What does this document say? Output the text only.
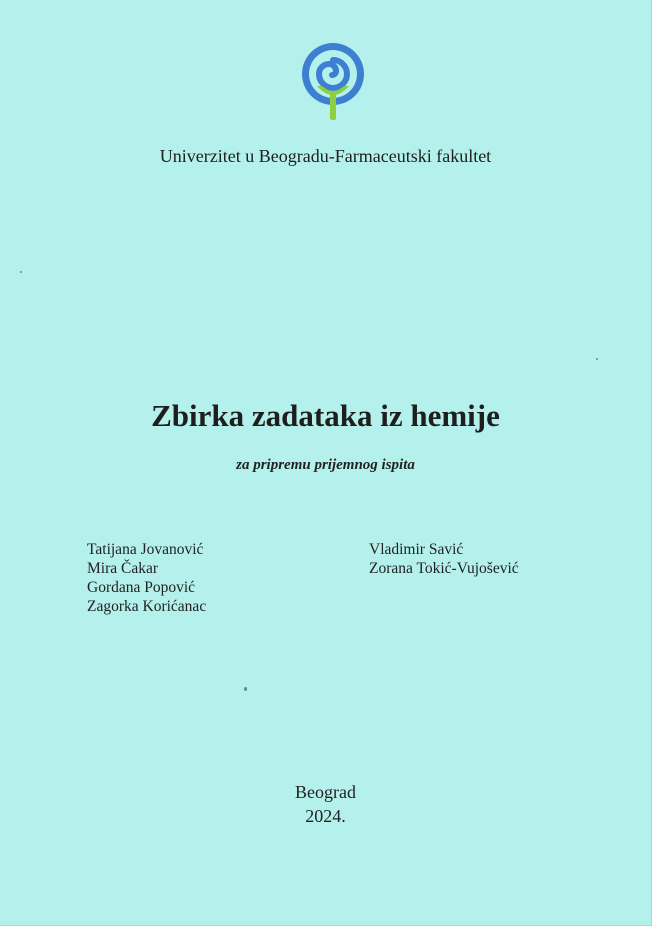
Univerzitet u Beogradu-Farmaceutski fakultet
Zbirka zadataka iz hemije
za pripremu prijemnog ispita
Tatijana Jovanović
Mira Čakar
Gordana Popović
Zagorka Korićanac
Vladimir Savić
Zorana Tokić-Vujošević
Beograd
2024.
